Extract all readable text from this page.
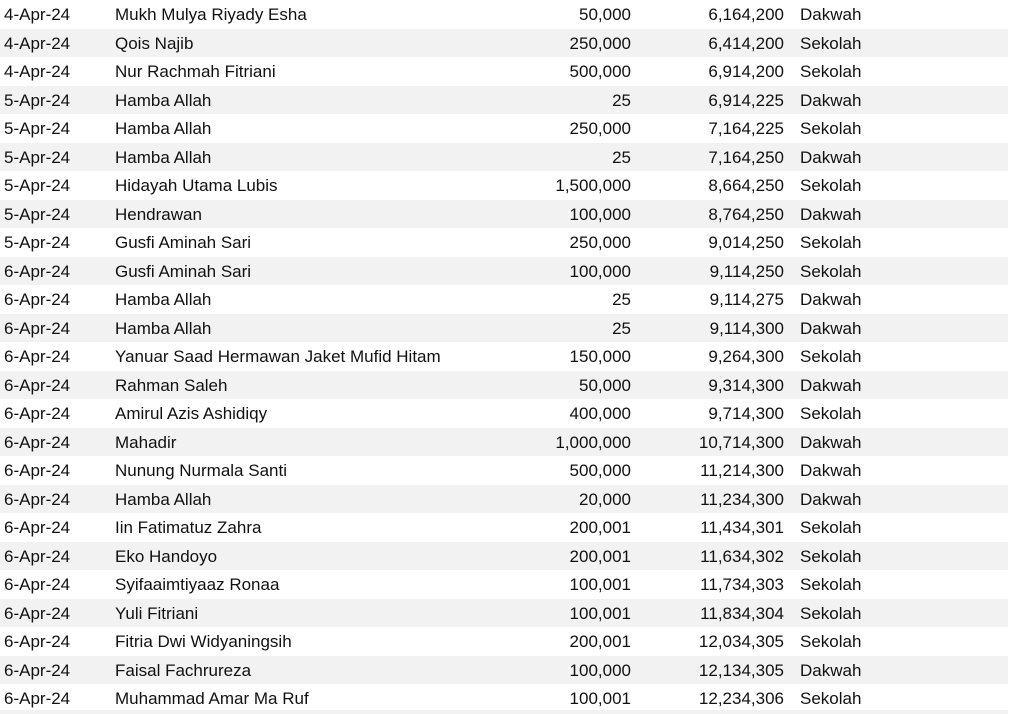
4-Apr-24	Mukh Mulya Riyady Esha	50,000	6,164,200 Dakwah
4-Apr-24	Qois Najib	250,000	6,414,200 Sekolah
4-Apr-24	Nur Rachmah Fitriani	500,000	6,914,200 Sekolah
5-Apr-24	Hamba Allah	25	6,914,225 Dakwah
5-Apr-24	Hamba Allah	250,000	7,164,225 Sekolah
5-Apr-24	Hamba Allah	25	7,164,250 Dakwah
5-Apr-24	Hidayah Utama Lubis	1,500,000	8,664,250 Sekolah
5-Apr-24	Hendrawan	100,000	8,764,250 Dakwah
5-Apr-24	Gusfi Aminah Sari	250,000	9,014,250 Sekolah
6-Apr-24	Gusfi Aminah Sari	100,000	9,114,250 Sekolah
6-Apr-24	Hamba Allah	25	9,114,275 Dakwah
6-Apr-24	Hamba Allah	25	9,114,300 Dakwah
6-Apr-24	Yanuar Saad Hermawan Jaket Mufid Hitam	150,000	9,264,300 Sekolah
6-Apr-24	Rahman Saleh	50,000	9,314,300 Dakwah
6-Apr-24	Amirul Azis Ashidiqy	400,000	9,714,300 Sekolah
6-Apr-24	Mahadir	1,000,000	10,714,300 Dakwah
6-Apr-24	Nunung Nurmala Santi	500,000	11,214,300 Dakwah
6-Apr-24	Hamba Allah	20,000	11,234,300 Dakwah
6-Apr-24	Iin Fatimatuz Zahra	200,001	11,434,301 Sekolah
6-Apr-24	Eko Handoyo	200,001	11,634,302 Sekolah
6-Apr-24	Syifaaimtiyaaz Ronaa	100,001	11,734,303 Sekolah
6-Apr-24	Yuli Fitriani	100,001	11,834,304 Sekolah
6-Apr-24	Fitria Dwi Widyaningsih	200,001	12,034,305 Sekolah
6-Apr-24	Faisal Fachrureza	100,000	12,134,305 Dakwah
6-Apr-24	Muhammad Amar Ma Ruf	100,001	12,234,306 Sekolah
